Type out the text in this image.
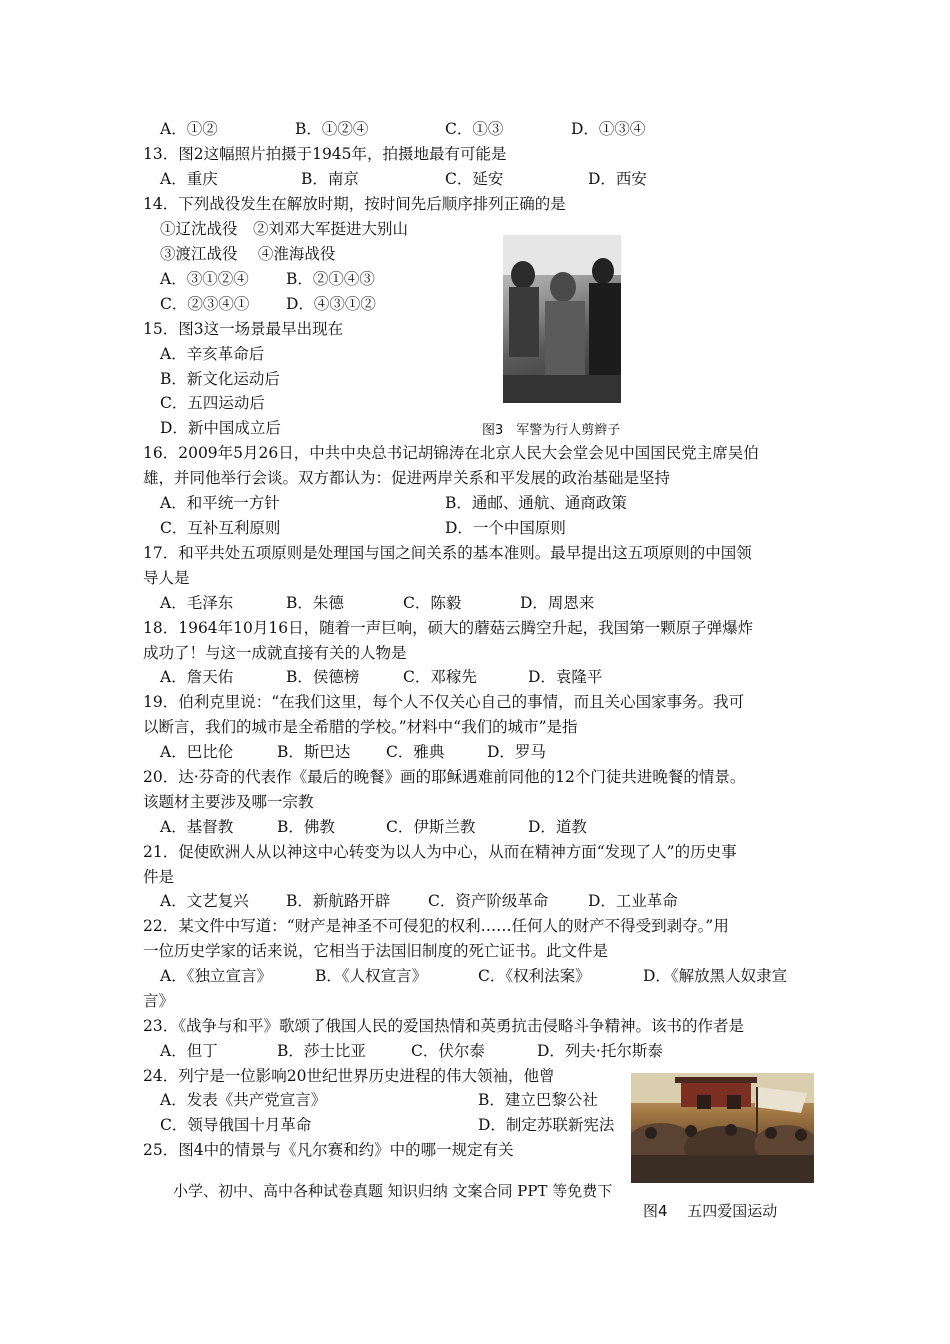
A．①②	B．①②④	C．①③	D．①③④
13．图2这幅照片拍摄于1945年，拍摄地最有可能是
A．重庆	B．南京	C．延安	D．西安
14．下列战役发生在解放时期，按时间先后顺序排列正确的是
①辽沈战役　②刘邓大军挺进大别山
③渡江战役　 ④淮海战役
A．③①②④ B．②①④③
C．②③④① D．④③①②
15．图3这一场景最早出现在
A．辛亥革命后
B．新文化运动后
C．五四运动后
D．新中国成立后	图3　军警为行人剪辫子
16．2009年5月26日，中共中央总书记胡锦涛在北京人民大会堂会见中国国民党主席吴伯
雄，并同他举行会谈。双方都认为：促进两岸关系和平发展的政治基础是坚持
A．和平统一方针	B．通邮、通航、通商政策
C．互补互利原则	D．一个中国原则
17．和平共处五项原则是处理国与国之间关系的基本准则。最早提出这五项原则的中国领
导人是
A．毛泽东	B．朱德	C．陈毅	D．周恩来
18．1964年10月16日，随着一声巨响，硕大的蘑菇云腾空升起，我国第一颗原子弹爆炸
成功了！与这一成就直接有关的人物是
A．詹天佑	B．侯德榜	C．邓稼先	D．袁隆平
19．伯利克里说：“在我们这里，每个人不仅关心自己的事情，而且关心国家事务。我可
以断言，我们的城市是全希腊的学校。”材料中“我们的城市”是指
A．巴比伦	B．斯巴达 C．雅典	D．罗马
20．达·芬奇的代表作《最后的晚餐》画的耶稣遇难前同他的12个门徒共进晚餐的情景。
该题材主要涉及哪一宗教
A．基督教	B．佛教	C．伊斯兰教	D．道教
21．促使欧洲人从以神这中心转变为以人为中心，从而在精神方面“发现了人”的历史事
件是
A．文艺复兴 B．新航路开辟 C．资产阶级革命	D．工业革命
22．某文件中写道：“财产是神圣不可侵犯的权利……任何人的财产不得受到剥夺。”用
一位历史学家的话来说，它相当于法国旧制度的死亡证书。此文件是
A．《独立宣言》	B．《人权宣言》	C．《权利法案》	D．《解放黑人奴隶宣
言》
23．《战争与和平》歌颂了俄国人民的爱国热情和英勇抗击侵略斗争精神。该书的作者是
A．但丁	B．莎士比亚	C．伏尔泰	D．列夫·托尔斯泰
24．列宁是一位影响20世纪世界历史进程的伟大领袖，他曾
A．发表《共产党宣言》	B．建立巴黎公社
C．领导俄国十月革命	D．制定苏联新宪法
25．图4中的情景与《凡尔赛和约》中的哪一规定有关
小学、初中、高中各种试卷真题 知识归纳 文案合同 PPT 等免费下
图4　 五四爱国运动
